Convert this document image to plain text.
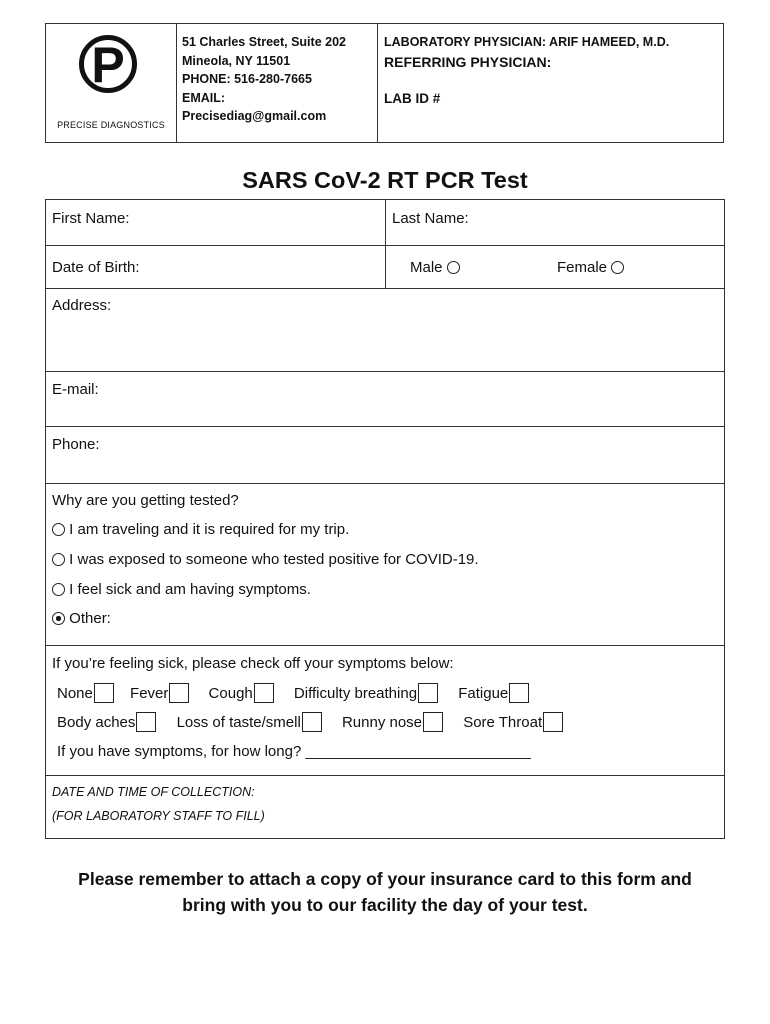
P
PRECISE DIAGNOSTICS
51 Charles Street, Suite 202
Mineola, NY 11501
PHONE: 516-280-7665
EMAIL:
Precisediag@gmail.com
LABORATORY PHYSICIAN: ARIF HAMEED, M.D.
REFERRING PHYSICIAN:
LAB ID #
SARS CoV-2 RT PCR Test
First Name:	Last Name:
Date of Birth:	Male	Female
Address:
E-mail:
Phone:
Why are you getting tested?
I am traveling and it is required for my trip.
I was exposed to someone who tested positive for COVID-19.
I feel sick and am having symptoms.
Other:
If you’re feeling sick, please check off your symptoms below:
None Fever	Cough	Difficulty breathing	Fatigue
Body aches	Loss of taste/smell	Runny nose	Sore Throat
If you have symptoms, for how long? ___________________________
DATE AND TIME OF COLLECTION:
(FOR LABORATORY STAFF TO FILL)
Please remember to attach a copy of your insurance card to this form and
bring with you to our facility the day of your test.
